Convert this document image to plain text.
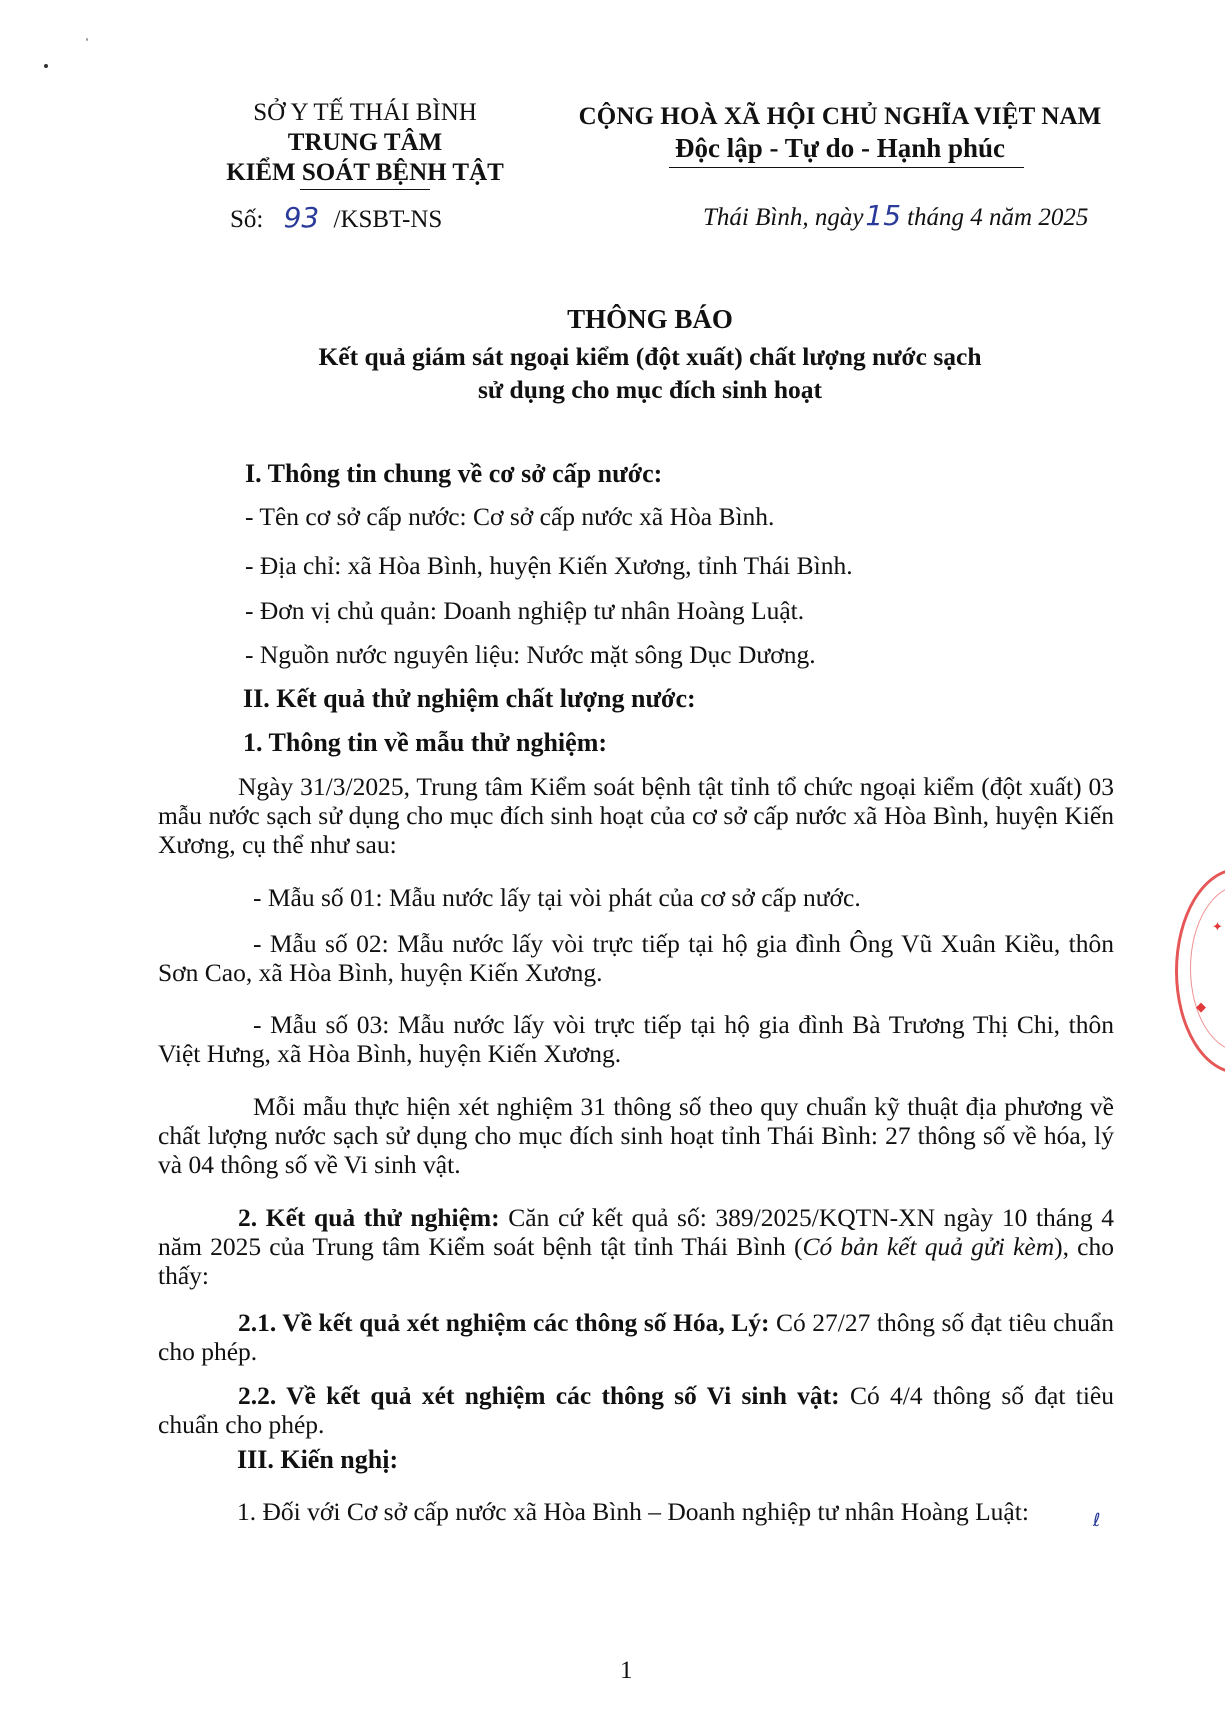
SỞ Y TẾ THÁI BÌNH
TRUNG TÂM
KIỂM SOÁT BỆNH TẬT
Số: 93 /KSBT-NS
CỘNG HOÀ XÃ HỘI CHỦ NGHĨA VIỆT NAM
Độc lập - Tự do - Hạnh phúc
Thái Bình, ngày15 tháng 4 năm 2025
THÔNG BÁO
Kết quả giám sát ngoại kiểm (đột xuất) chất lượng nước sạch
sử dụng cho mục đích sinh hoạt
I. Thông tin chung về cơ sở cấp nước:
- Tên cơ sở cấp nước: Cơ sở cấp nước xã Hòa Bình.
- Địa chỉ: xã Hòa Bình, huyện Kiến Xương, tỉnh Thái Bình.
- Đơn vị chủ quản: Doanh nghiệp tư nhân Hoàng Luật.
- Nguồn nước nguyên liệu: Nước mặt sông Dục Dương.
II. Kết quả thử nghiệm chất lượng nước:
1. Thông tin về mẫu thử nghiệm:
Ngày 31/3/2025, Trung tâm Kiểm soát bệnh tật tỉnh tổ chức ngoại kiểm (đột xuất) 03 mẫu nước sạch sử dụng cho mục đích sinh hoạt của cơ sở cấp nước xã Hòa Bình, huyện Kiến Xương, cụ thể như sau:
- Mẫu số 01: Mẫu nước lấy tại vòi phát của cơ sở cấp nước.
- Mẫu số 02: Mẫu nước lấy vòi trực tiếp tại hộ gia đình Ông Vũ Xuân Kiều, thôn Sơn Cao, xã Hòa Bình, huyện Kiến Xương.
- Mẫu số 03: Mẫu nước lấy vòi trực tiếp tại hộ gia đình Bà Trương Thị Chi, thôn Việt Hưng, xã Hòa Bình, huyện Kiến Xương.
Mỗi mẫu thực hiện xét nghiệm 31 thông số theo quy chuẩn kỹ thuật địa phương về chất lượng nước sạch sử dụng cho mục đích sinh hoạt tỉnh Thái Bình: 27 thông số về hóa, lý và 04 thông số về Vi sinh vật.
2. Kết quả thử nghiệm: Căn cứ kết quả số: 389/2025/KQTN-XN ngày 10 tháng 4 năm 2025 của Trung tâm Kiểm soát bệnh tật tỉnh Thái Bình (Có bản kết quả gửi kèm), cho thấy:
2.1. Về kết quả xét nghiệm các thông số Hóa, Lý: Có 27/27 thông số đạt tiêu chuẩn cho phép.
2.2. Về kết quả xét nghiệm các thông số Vi sinh vật: Có 4/4 thông số đạt tiêu chuẩn cho phép.
III. Kiến nghị:
1. Đối với Cơ sở cấp nước xã Hòa Bình – Doanh nghiệp tư nhân Hoàng Luật:	ℓ
1
✦
◆
